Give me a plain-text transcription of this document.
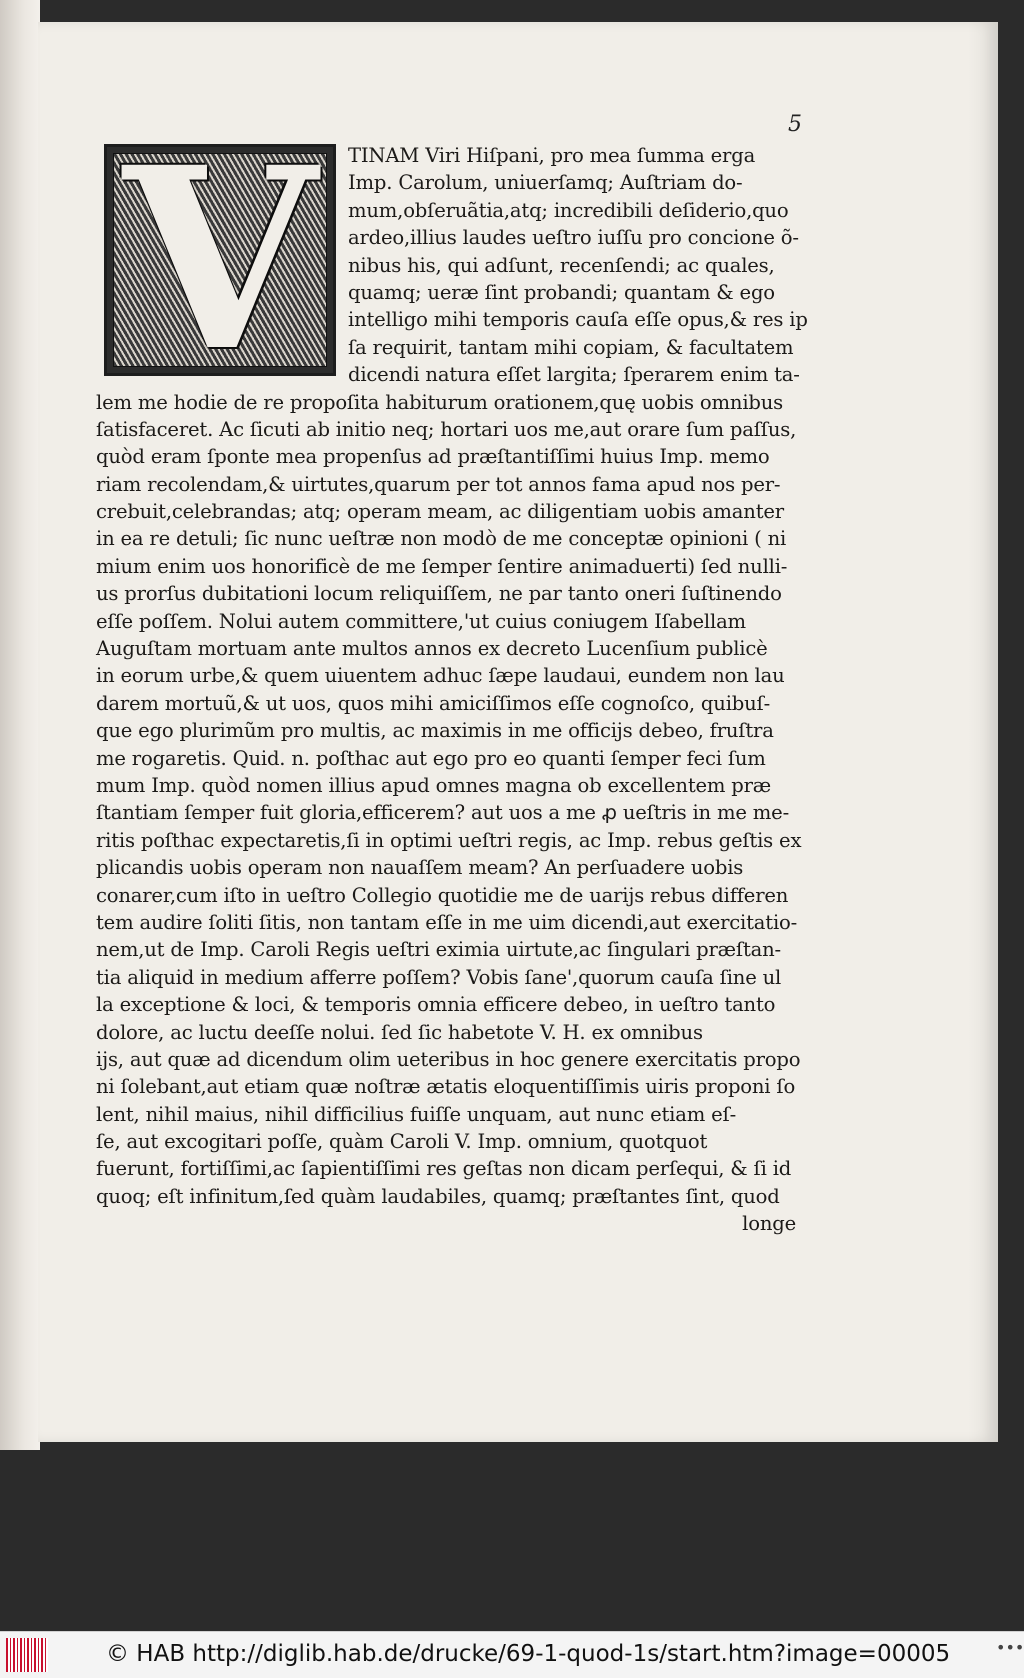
5
V	TINAM Viri Hiſpani, pro mea ſumma erga
Imp. Carolum, uniuerſamq; Auſtriam do-
mum,obſeruãtia,atq; incredibili deſiderio,quo
ardeo,illius laudes ueſtro iuſſu pro concione õ-
nibus his, qui adſunt, recenſendi; ac quales,
quamq; ueræ ſint probandi; quantam & ego
intelligo mihi temporis cauſa eſſe opus,& res ip
ſa requirit, tantam mihi copiam, & facultatem
dicendi natura eſſet largita; ſperarem enim ta-
lem me hodie de re propoſita habiturum orationem,quę uobis omnibus
ſatisfaceret. Ac ſicuti ab initio neq; hortari uos me,aut orare ſum paſſus,
quòd eram ſponte mea propenſus ad præſtantiſſimi huius Imp. memo
riam recolendam,& uirtutes,quarum per tot annos fama apud nos per-
crebuit,celebrandas; atq; operam meam, ac diligentiam uobis amanter
in ea re detuli; ſic nunc ueſtræ non modò de me conceptæ opinioni ( ni
mium enim uos honorificè de me ſemper ſentire animaduerti) ſed nulli-
us prorſus dubitationi locum reliquiſſem, ne par tanto oneri ſuſtinendo
eſſe poſſem. Nolui autem committere,'ut cuius coniugem Iſabellam
Auguſtam mortuam ante multos annos ex decreto Lucenſium publicè
in eorum urbe,& quem uiuentem adhuc ſæpe laudaui, eundem non lau
darem mortuũ,& ut uos, quos mihi amiciſſimos eſſe cognoſco, quibuſ-
que ego plurimũm pro multis, ac maximis in me officijs debeo, fruſtra
me rogaretis. Quid. n. poſthac aut ego pro eo quanti ſemper feci ſum
mum Imp. quòd nomen illius apud omnes magna ob excellentem præ
ſtantiam ſemper fuit gloria,efficerem? aut uos a me ꝓ ueſtris in me me-
ritis poſthac expectaretis,ſi in optimi ueſtri regis, ac Imp. rebus geſtis ex
plicandis uobis operam non nauaſſem meam? An perſuadere uobis
conarer,cum iſto in ueſtro Collegio quotidie me de uarijs rebus differen
tem audire ſoliti ſitis, non tantam eſſe in me uim dicendi,aut exercitatio-
nem,ut de Imp. Caroli Regis ueſtri eximia uirtute,ac ſingulari præſtan-
tia aliquid in medium afferre poſſem? Vobis ſane',quorum cauſa ſine ul
la exceptione & loci, & temporis omnia efficere debeo, in ueſtro tanto
dolore, ac luctu deeſſe nolui. ſed ſic habetote V. H. ex omnibus
ijs, aut quæ ad dicendum olim ueteribus in hoc genere exercitatis propo
ni ſolebant,aut etiam quæ noſtræ ætatis eloquentiſſimis uiris proponi ſo
lent, nihil maius, nihil difficilius fuiſſe unquam, aut nunc etiam eſ-
ſe, aut excogitari poſſe, quàm Caroli V. Imp. omnium, quotquot
fuerunt, fortiſſimi,ac ſapientiſſimi res geſtas non dicam perſequi, & ſi id
quoq; eſt infinitum,ſed quàm laudabiles, quamq; præſtantes ſint, quod
longe
© HAB http://diglib.hab.de/drucke/69-1-quod-1s/start.htm?image=00005	•••
